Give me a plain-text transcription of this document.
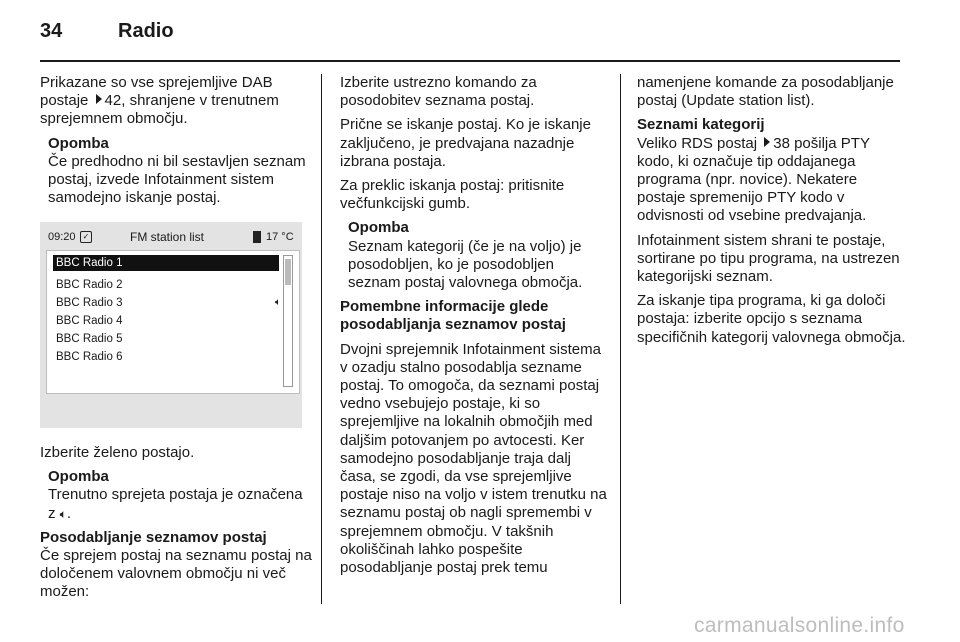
34	Radio

Prikazane so vse sprejemljive DAB postaje 42, shranjene v trenutnem sprejemnem območju.

Opomba
Če predhodno ni bil sestavljen seznam postaj, izvede Infotainment sistem samodejno iskanje postaj.
09:20 ✓	FM station list	17 °C
BBC Radio 1
BBC Radio 2
BBC Radio 3	🔈︎
BBC Radio 4
BBC Radio 5
BBC Radio 6

Izberite želeno postajo.

Opomba
Trenutno sprejeta postaja je označena z 🔈︎.
Posodabljanje seznamov postaj

Če sprejem postaj na seznamu postaj na določenem valovnem območju ni več možen:

Izberite ustrezno komando za posodobitev seznama postaj.

Prične se iskanje postaj. Ko je iskanje zaključeno, je predvajana nazadnje izbrana postaja.

Za preklic iskanja postaj: pritisnite večfunkcijski gumb.

Opomba
Seznam kategorij (če je na voljo) je posodobljen, ko je posodobljen seznam postaj valovnega območja.
Pomembne informacije glede posodabljanja seznamov postaj

Dvojni sprejemnik Infotainment sistema v ozadju stalno posodablja sezname postaj. To omogoča, da seznami postaj vedno vsebujejo postaje, ki so sprejemljive na lokalnih območjih med daljšim potovanjem po avtocesti. Ker samodejno posodabljanje traja dalj časa, se zgodi, da vse sprejemljive postaje niso na voljo v istem trenutku na seznamu postaj ob nagli spremembi v sprejemnem območju. V takšnih okoliščinah lahko pospešite posodabljanje postaj prek temu

namenjene komande za posodabljanje postaj (Update station list).

Seznami kategorij

Veliko RDS postaj 38 pošilja PTY kodo, ki označuje tip oddajanega programa (npr. novice). Nekatere postaje spremenijo PTY kodo v odvisnosti od vsebine predvajanja.

Infotainment sistem shrani te postaje, sortirane po tipu programa, na ustrezen kategorijski seznam.

Za iskanje tipa programa, ki ga določi postaja: izberite opcijo s seznama specifičnih kategorij valovnega območja.

carmanualsonline.info
